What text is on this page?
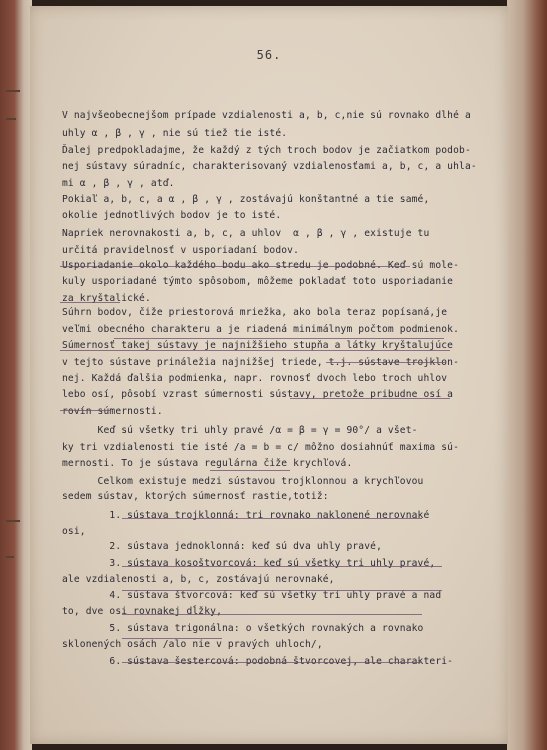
56.
V najvšeobecnejšom prípade vzdialenosti a, b, c,nie sú rovnako dlhé a
uhly α , β , γ , nie sú tiež tie isté.
Ďalej predpokladajme, že každý z tých troch bodov je začiatkom podob-
nej sústavy súradníc, charakterisovaný vzdialenosťami a, b, c, a uhla-
mi α , β , γ , atď.
Pokiaľ a, b, c, a α , β , γ , zostávajú konštantné a tie samé,
okolie jednotlivých bodov je to isté.
Napriek nerovnakosti a, b, c, a uhlov  α , β , γ , existuje tu
určitá pravidelnosť v usporiadaní bodov.
Usporiadanie okolo každého bodu ako stredu je podobné. Keď sú mole-
kuly usporiadané týmto spôsobom, môžeme pokladať toto usporiadanie
za kryštalické.
Súhrn bodov, čiže priestorová mriežka, ako bola teraz popísaná,je
veľmi obecného charakteru a je riadená minimálnym počtom podmienok.
Súmernosť takej sústavy je najnižšieho stupňa a látky kryštalujúce
v tejto sústave prináležia najnižšej triede, t.j. sústave trojklon-
nej. Každá ďalšia podmienka, napr. rovnosť dvoch lebo troch uhlov
lebo osí, pôsobí vzrast súmernosti sústavy, pretože pribudne osí a
rovín súmernosti.
Keď sú všetky tri uhly pravé /α = β = γ = 90°/ a všet-
ky tri vzdialenosti tie isté /a = b = c/ môžno dosiahnúť maxima sú-
mernosti. To je sústava regulárna čiže krychľová.
Celkom existuje medzi sústavou trojklonnou a krychľovou
sedem sústav, ktorých súmernosť rastie,totiž:
1. sústava trojklonná: tri rovnako naklonené nerovnaké
osi,
2. sústava jednoklonná: keď sú dva uhly pravé,
3. sústava kosoštvorcová: keď sú všetky tri uhly pravé,
ale vzdialenosti a, b, c, zostávajú nerovnaké,
4. sústava štvorcová: keď sú všetky tri uhly pravé a nad
to, dve osi rovnakej dĺžky,
5. sústava trigonálna: o všetkých rovnakých a rovnako
sklonených osách /alo nie v pravých uhloch/,
6. sústava šestercová: podobná štvorcovej, ale charakteri-
